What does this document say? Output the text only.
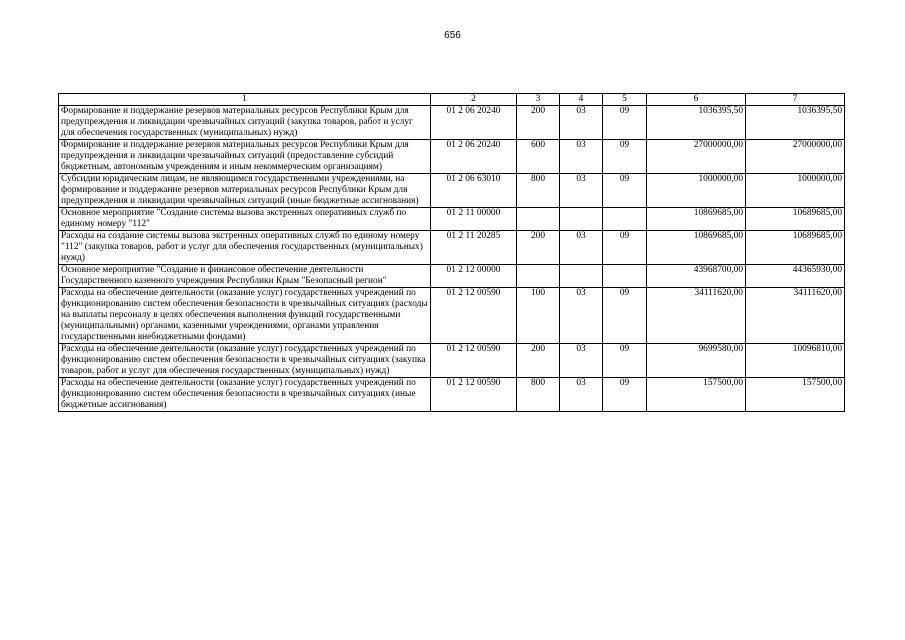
656
1	2	3	4	5	6	7
Формирование и поддержание резервов материальных ресурсов Республики Крым для предупреждения и ликвидации чрезвычайных ситуаций (закупка товаров, работ и услуг для обеспечения государственных (муниципальных) нужд)	01 2 06 20240	200	03	09	1036395,50	1036395,50
Формирование и поддержание резервов материальных ресурсов Республики Крым для предупреждения и ликвидации чрезвычайных ситуаций (предоставление субсидий бюджетным, автономным учреждениям и иным некоммерческим организациям)	01 2 06 20240	600	03	09	27000000,00	27000000,00
Субсидии юридическим лицам, не являющимся государственными учреждениями, на формирование и поддержание резервов материальных ресурсов Республики Крым для предупреждения и ликвидации чрезвычайных ситуаций (иные бюджетные ассигнования)	01 2 06 63010	800	03	09	1000000,00	1000000,00
Основное мероприятие "Создание системы вызова экстренных оперативных служб по единому номеру "112"	01 2 11 00000				10869685,00	10689685,00
Расходы на создание системы вызова экстренных оперативных служб по единому номеру "112" (закупка товаров, работ и услуг для обеспечения государственных (муниципальных) нужд)	01 2 11 20285	200	03	09	10869685,00	10689685,00
Основное мероприятие "Создание и финансовое обеспечение деятельности Государственного казенного учреждения Республики Крым "Безопасный регион"	01 2 12 00000				43968700,00	44365930,00
Расходы на обеспечение деятельности (оказание услуг) государственных учреждений по функционированию систем обеспечения безопасности в чрезвычайных ситуациях (расходы на выплаты персоналу в целях обеспечения выполнения функций государственными (муниципальными) органами, казенными учреждениями, органами управления государственными внебюджетными фондами)	01 2 12 00590	100	03	09	34111620,00	34111620,00
Расходы на обеспечение деятельности (оказание услуг) государственных учреждений по функционированию систем обеспечения безопасности в чрезвычайных ситуациях (закупка товаров, работ и услуг для обеспечения государственных (муниципальных) нужд)	01 2 12 00590	200	03	09	9699580,00	10096810,00
Расходы на обеспечение деятельности (оказание услуг) государственных учреждений по функционированию систем обеспечения безопасности в чрезвычайных ситуациях (иные бюджетные ассигнования)	01 2 12 00590	800	03	09	157500,00	157500,00
